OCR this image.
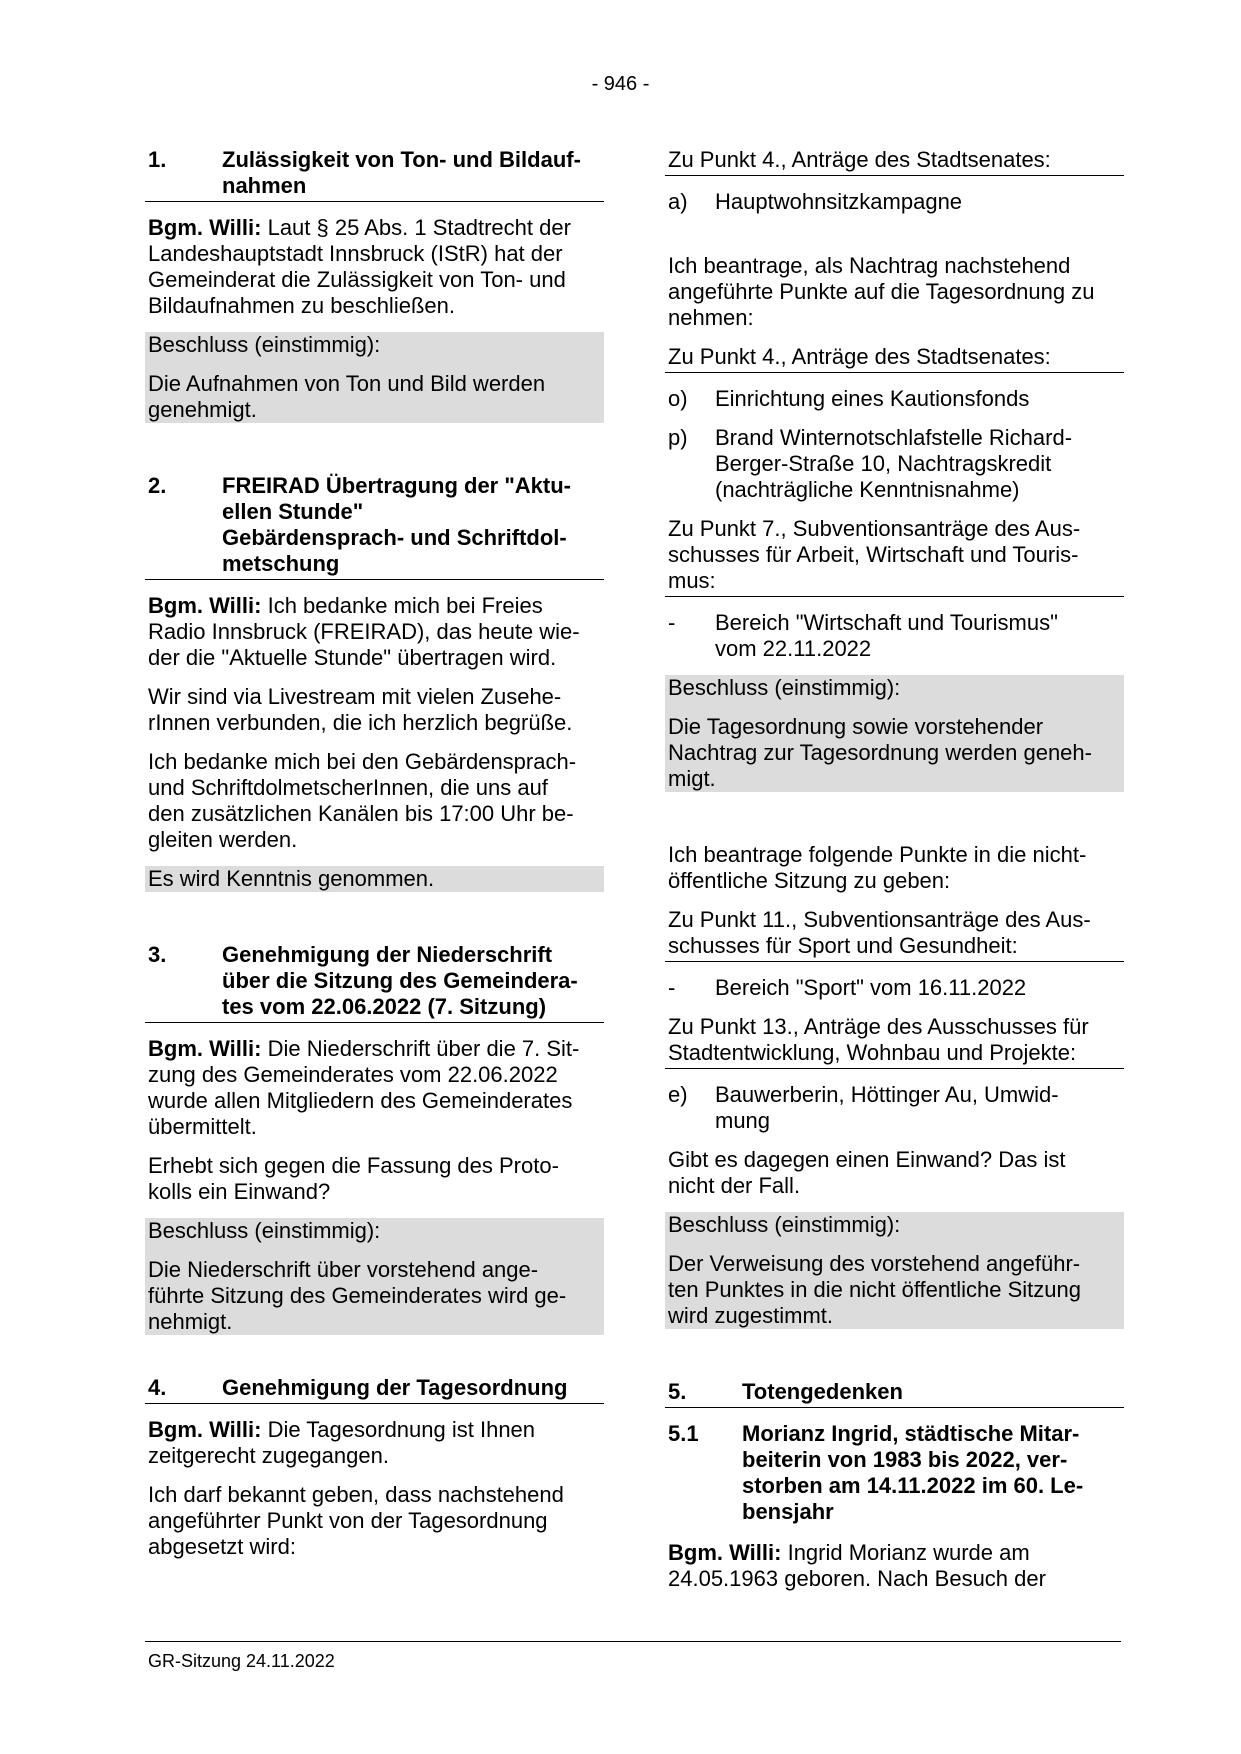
- 946 -
1.	Zulässigkeit von Ton- und Bildauf-
nahmen

Bgm. Willi: Laut § 25 Abs. 1 Stadtrecht der
Landeshauptstadt Innsbruck (IStR) hat der
Gemeinderat die Zulässigkeit von Ton- und
Bildaufnahmen zu beschließen.

Beschluss (einstimmig):

Die Aufnahmen von Ton und Bild werden
genehmigt.

2.	FREIRAD Übertragung der "Aktu-
ellen Stunde"
Gebärdensprach- und Schriftdol-
metschung

Bgm. Willi: Ich bedanke mich bei Freies
Radio Innsbruck (FREIRAD), das heute wie-
der die "Aktuelle Stunde" übertragen wird.

Wir sind via Livestream mit vielen Zusehe-
rInnen verbunden, die ich herzlich begrüße.

Ich bedanke mich bei den Gebärdensprach-
und SchriftdolmetscherInnen, die uns auf
den zusätzlichen Kanälen bis 17:00 Uhr be-
gleiten werden.

Es wird Kenntnis genommen.

3.	Genehmigung der Niederschrift
über die Sitzung des Gemeindera-
tes vom 22.06.2022 (7. Sitzung)

Bgm. Willi: Die Niederschrift über die 7. Sit-
zung des Gemeinderates vom 22.06.2022
wurde allen Mitgliedern des Gemeinderates
übermittelt.

Erhebt sich gegen die Fassung des Proto-
kolls ein Einwand?

Beschluss (einstimmig):

Die Niederschrift über vorstehend ange-
führte Sitzung des Gemeinderates wird ge-
nehmigt.

4.	Genehmigung der Tagesordnung

Bgm. Willi: Die Tagesordnung ist Ihnen
zeitgerecht zugegangen.

Ich darf bekannt geben, dass nachstehend
angeführter Punkt von der Tagesordnung
abgesetzt wird:

Zu Punkt 4., Anträge des Stadtsenates:
a)	Hauptwohnsitzkampagne

Ich beantrage, als Nachtrag nachstehend
angeführte Punkte auf die Tagesordnung zu
nehmen:

Zu Punkt 4., Anträge des Stadtsenates:
o)	Einrichtung eines Kautionsfonds
p)	Brand Winternotschlafstelle Richard-
Berger-Straße 10, Nachtragskredit
(nachträgliche Kenntnisnahme)
Zu Punkt 7., Subventionsanträge des Aus-
schusses für Arbeit, Wirtschaft und Touris-
mus:
-	Bereich "Wirtschaft und Tourismus"
vom 22.11.2022

Beschluss (einstimmig):

Die Tagesordnung sowie vorstehender
Nachtrag zur Tagesordnung werden geneh-
migt.

Ich beantrage folgende Punkte in die nicht-
öffentliche Sitzung zu geben:

Zu Punkt 11., Subventionsanträge des Aus-
schusses für Sport und Gesundheit:
-	Bereich "Sport" vom 16.11.2022
Zu Punkt 13., Anträge des Ausschusses für
Stadtentwicklung, Wohnbau und Projekte:
e)	Bauwerberin, Höttinger Au, Umwid-
mung

Gibt es dagegen einen Einwand? Das ist
nicht der Fall.

Beschluss (einstimmig):

Der Verweisung des vorstehend angeführ-
ten Punktes in die nicht öffentliche Sitzung
wird zugestimmt.

5.	Totengedenken
5.1	Morianz Ingrid, städtische Mitar-
beiterin von 1983 bis 2022, ver-
storben am 14.11.2022 im 60. Le-
bensjahr

Bgm. Willi: Ingrid Morianz wurde am
24.05.1963 geboren. Nach Besuch der

GR-Sitzung 24.11.2022
